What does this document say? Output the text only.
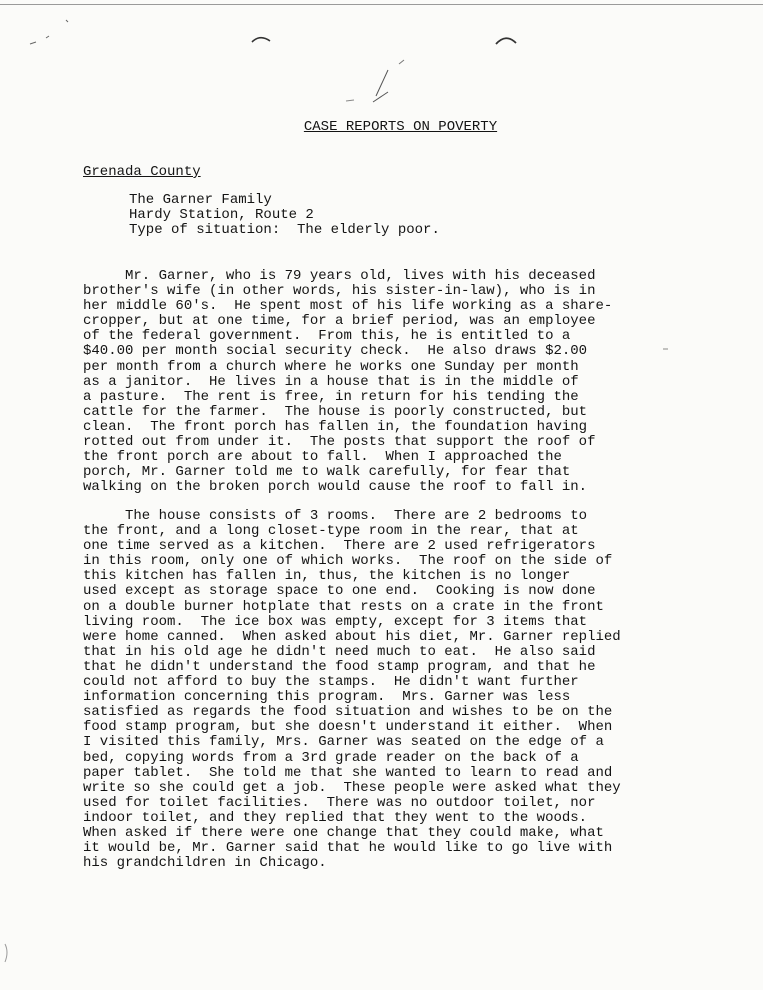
CASE REPORTS ON POVERTY
Grenada County
The Garner Family
Hardy Station, Route 2
Type of situation:  The elderly poor.
Mr. Garner, who is 79 years old, lives with his deceased
brother's wife (in other words, his sister-in-law), who is in
her middle 60's.  He spent most of his life working as a share-
cropper, but at one time, for a brief period, was an employee
of the federal government.  From this, he is entitled to a
$40.00 per month social security check.  He also draws $2.00
per month from a church where he works one Sunday per month
as a janitor.  He lives in a house that is in the middle of
a pasture.  The rent is free, in return for his tending the
cattle for the farmer.  The house is poorly constructed, but
clean.  The front porch has fallen in, the foundation having
rotted out from under it.  The posts that support the roof of
the front porch are about to fall.  When I approached the
porch, Mr. Garner told me to walk carefully, for fear that
walking on the broken porch would cause the roof to fall in.
The house consists of 3 rooms.  There are 2 bedrooms to
the front, and a long closet-type room in the rear, that at
one time served as a kitchen.  There are 2 used refrigerators
in this room, only one of which works.  The roof on the side of
this kitchen has fallen in, thus, the kitchen is no longer
used except as storage space to one end.  Cooking is now done
on a double burner hotplate that rests on a crate in the front
living room.  The ice box was empty, except for 3 items that
were home canned.  When asked about his diet, Mr. Garner replied
that in his old age he didn't need much to eat.  He also said
that he didn't understand the food stamp program, and that he
could not afford to buy the stamps.  He didn't want further
information concerning this program.  Mrs. Garner was less
satisfied as regards the food situation and wishes to be on the
food stamp program, but she doesn't understand it either.  When
I visited this family, Mrs. Garner was seated on the edge of a
bed, copying words from a 3rd grade reader on the back of a
paper tablet.  She told me that she wanted to learn to read and
write so she could get a job.  These people were asked what they
used for toilet facilities.  There was no outdoor toilet, nor
indoor toilet, and they replied that they went to the woods.
When asked if there were one change that they could make, what
it would be, Mr. Garner said that he would like to go live with
his grandchildren in Chicago.
